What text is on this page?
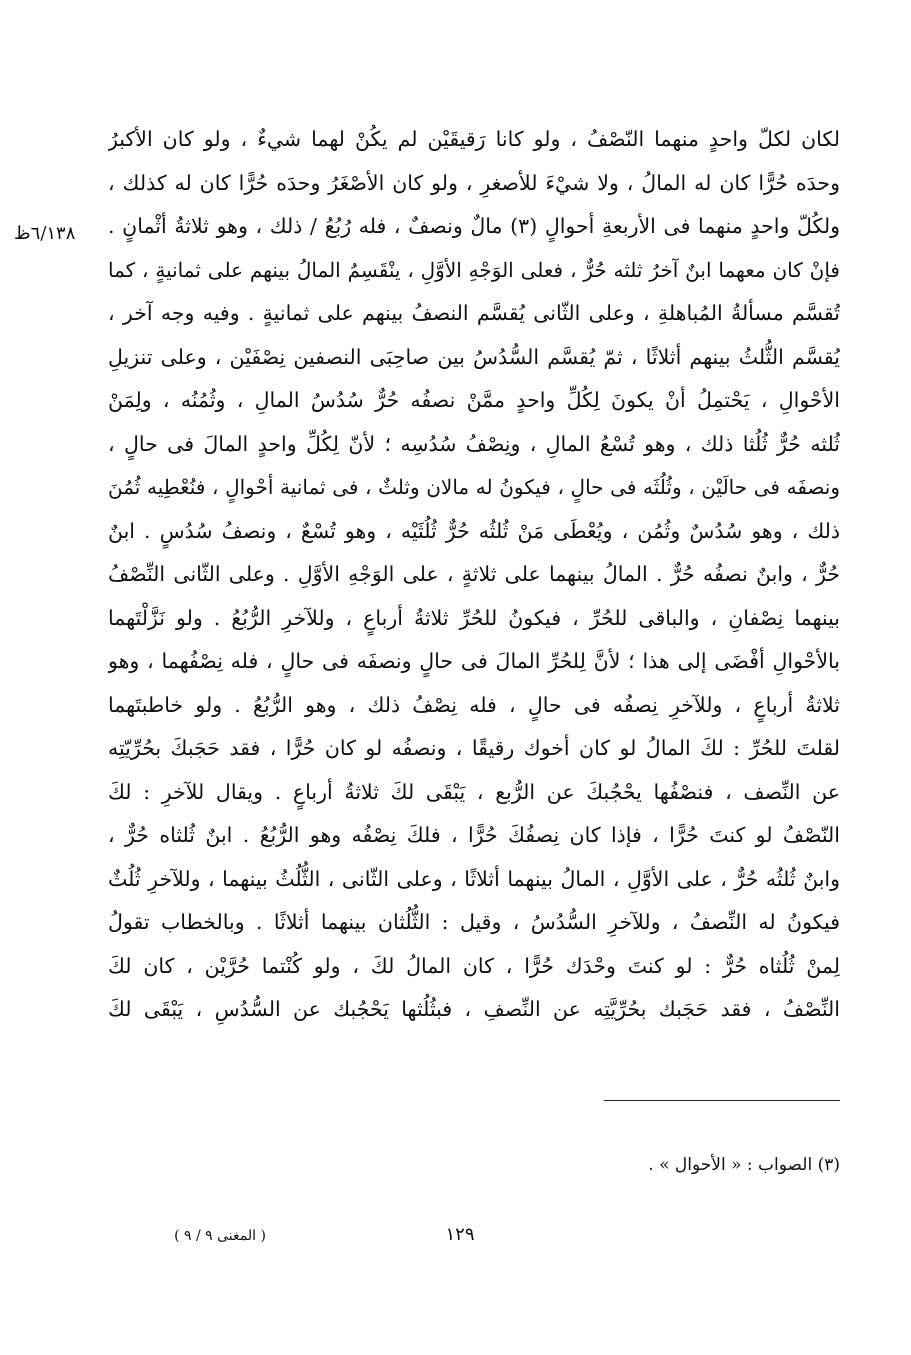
٦/١٣٨ظ
لكان لكلّ واحدٍ منهما النّصْفُ ، ولو كانا رَقيقَيْن لم يكُنْ لهما شيءٌ ، ولو كان الأكبرُ
وحدَه حُرًّا كان له المالُ ، ولا شيْءَ للأصغرِ ، ولو كان الأصْغَرُ وحدَه حُرًّا كان له كذلك ،
ولكُلّ واحدٍ منهما فى الأربعةِ أحوالٍ (٣) مالٌ ونصفٌ ، فله رُبُعُ / ذلك ، وهو ثلاثةُ أثْمانٍ .
فإنْ كان معهما ابنٌ آخرُ ثلثه حُرٌّ ، فعلى الوَجْهِ الأوَّلِ ، ينْقَسِمُ المالُ بينهم على ثمانيةٍ ، كما
تُقسَّم مسألةُ المُباهلةِ ، وعلى الثّانى يُقسَّم النصفُ بينهم على ثمانيةٍ . وفيه وجه آخر ،
يُقسَّم الثُّلثُ بينهم أثلاثًا ، ثمّ يُقسَّم السُّدُسُ بين صاحِبَى النصفين نِصْفَيْن ، وعلى تنزيلِ
الأحْوالِ ، يَحْتمِلُ أنْ يكونَ لِكُلِّ واحدٍ ممَّنْ نصفُه حُرٌّ سُدُسُ المالِ ، وثُمُنُه ، ولِمَنْ
ثُلثه حُرٌّ ثُلُثا ذلك ، وهو تُسْعُ المالِ ، ونِصْفُ سُدُسِه ؛ لأنّ لِكُلِّ واحدٍ المالَ فى حالٍ ،
ونصفَه فى حالَيْن ، وثُلُثَه فى حالٍ ، فيكونُ له مالان وثلثٌ ، فى ثمانية أحْوالٍ ، فنُعْطِيه ثُمُنَ
ذلك ، وهو سُدُسٌ وثُمُن ، ويُعْطَى مَنْ ثُلثُه حُرٌّ ثُلُثَيْه ، وهو تُسْعٌ ، ونصفُ سُدُسٍ . ابنٌ
حُرٌّ ، وابنٌ نصفُه حُرٌّ . المالُ بينهما على ثلاثةٍ ، على الوَجْهِ الأوَّلِ . وعلى الثّانى النِّصْفُ
بينهما نِصْفانِ ، والباقى للحُرِّ ، فيكونُ للحُرِّ ثلاثةُ أرباعٍ ، وللآخرِ الرُّبُعُ . ولو نَزَّلْتَهما
بالأحْوالِ أفْضَى إلى هذا ؛ لأنَّ لِلحُرِّ المالَ فى حالٍ ونصفَه فى حالٍ ، فله نِصْفُهما ، وهو
ثلاثةُ أرباعٍ ، وللآخرِ نِصفُه فى حالٍ ، فله نِصْفُ ذلك ، وهو الرُّبُعُ . ولو خاطبتَهما
لقلتَ للحُرِّ : لكَ المالُ لو كان أخوك رقيقًا ، ونصفُه لو كان حُرًّا ، فقد حَجَبكَ بحُرِّيّتِه
عن النِّصف ، فنصْفُها يحْجُبكَ عن الرُّبع ، يَبْقَى لكَ ثلاثةُ أرباعٍ . ويقال للآخرِ : لكَ
النّصْفُ لو كنتَ حُرًّا ، فإذا كان نِصفُكَ حُرًّا ، فلكَ نِصْفُه وهو الرُّبُعُ . ابنٌ ثُلثاه حُرٌّ ،
وابنٌ ثُلثُه حُرٌّ ، على الأوَّلِ ، المالُ بينهما أثلاثًا ، وعلى الثّانى ، الثُّلُثُ بينهما ، وللآخرِ ثُلُثٌ
فيكونُ له النِّصفُ ، وللآخرِ السُّدُسُ ، وقيل : الثُّلُثان بينهما أثلاثًا . وبالخطاب تقولُ
لِمنْ ثُلُثاه حُرٌّ : لو كنتَ وحْدَك حُرًّا ، كان المالُ لكَ ، ولو كُنْتما حُرَّيْن ، كان لكَ
النِّصْفُ ، فقد حَجَبك بحُرِّيَّتِه عن النِّصفِ ، فبثُلُثها يَحْجُبك عن السُّدُسِ ، يَبْقَى لكَ
(٣) الصواب : « الأحوال » .
١٢٩
( المغنى ٩ / ٩ )
